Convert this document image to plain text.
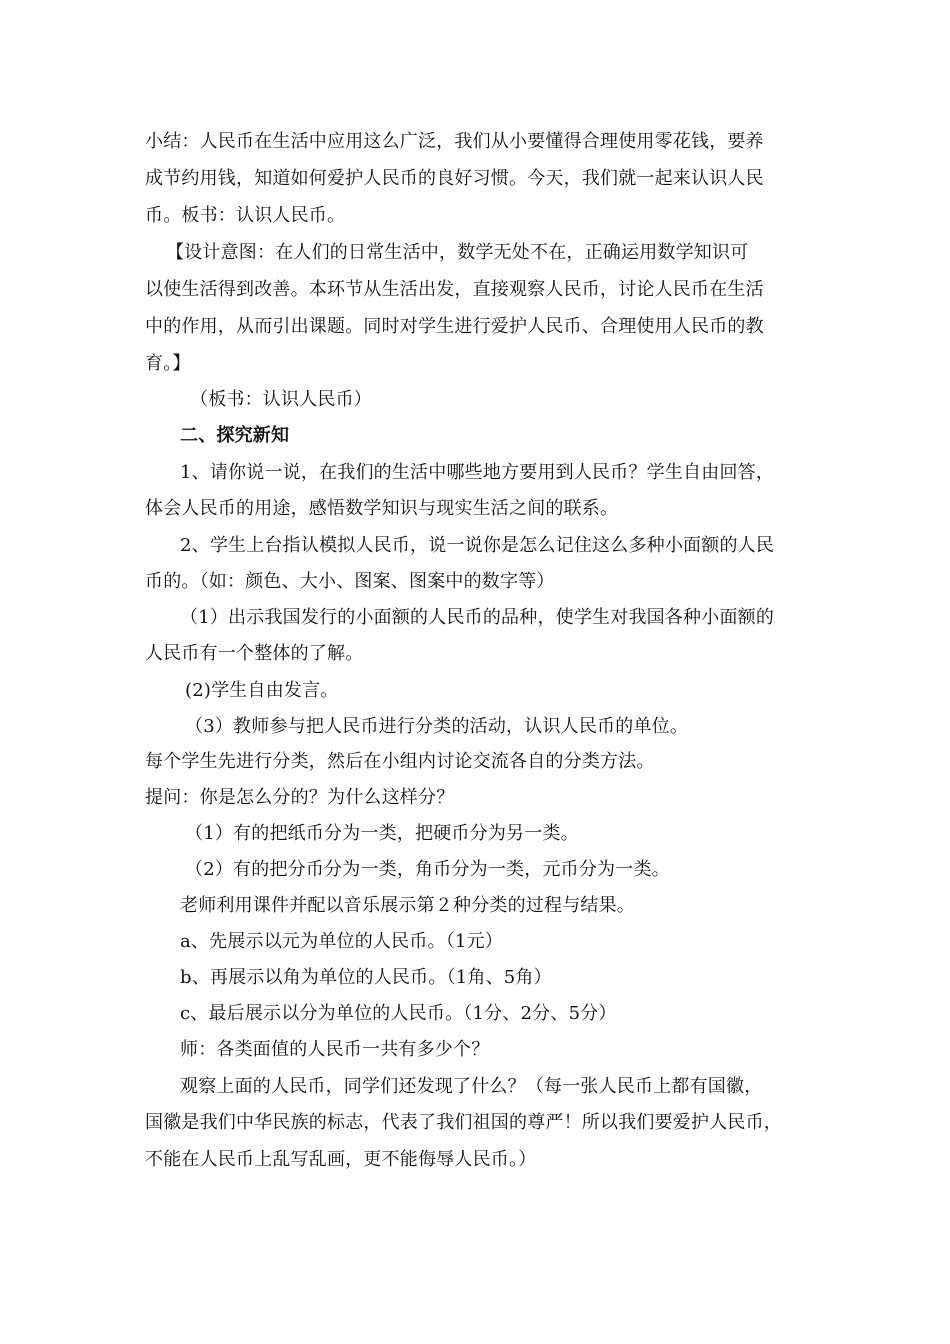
小结：人民币在生活中应用这么广泛，我们从小要懂得合理使用零花钱，要养
成节约用钱，知道如何爱护人民币的良好习惯。今天，我们就一起来认识人民
币。板书：认识人民币。
【设计意图：在人们的日常生活中，数学无处不在，正确运用数学知识可
以使生活得到改善。本环节从生活出发，直接观察人民币，讨论人民币在生活
中的作用，从而引出课题。同时对学生进行爱护人民币、合理使用人民币的教
育。】
（板书：认识人民币）
二、探究新知
1、请你说一说，在我们的生活中哪些地方要用到人民币？学生自由回答，
体会人民币的用途，感悟数学知识与现实生活之间的联系。
2、学生上台指认模拟人民币，说一说你是怎么记住这么多种小面额的人民
币的。（如：颜色、大小、图案、图案中的数字等）
（1）出示我国发行的小面额的人民币的品种，使学生对我国各种小面额的
人民币有一个整体的了解。
(2)学生自由发言。
（3）教师参与把人民币进行分类的活动，认识人民币的单位。
每个学生先进行分类，然后在小组内讨论交流各自的分类方法。
提问：你是怎么分的？为什么这样分？
（1）有的把纸币分为一类，把硬币分为另一类。
（2）有的把分币分为一类，角币分为一类，元币分为一类。
老师利用课件并配以音乐展示第２种分类的过程与结果。
a、先展示以元为单位的人民币。（1元）
b、再展示以角为单位的人民币。（1角、5角）
c、最后展示以分为单位的人民币。（1分、2分、5分）
师：各类面值的人民币一共有多少个？
观察上面的人民币，同学们还发现了什么？（每一张人民币上都有国徽，
国徽是我们中华民族的标志，代表了我们祖国的尊严！所以我们要爱护人民币，
不能在人民币上乱写乱画，更不能侮辱人民币。）
